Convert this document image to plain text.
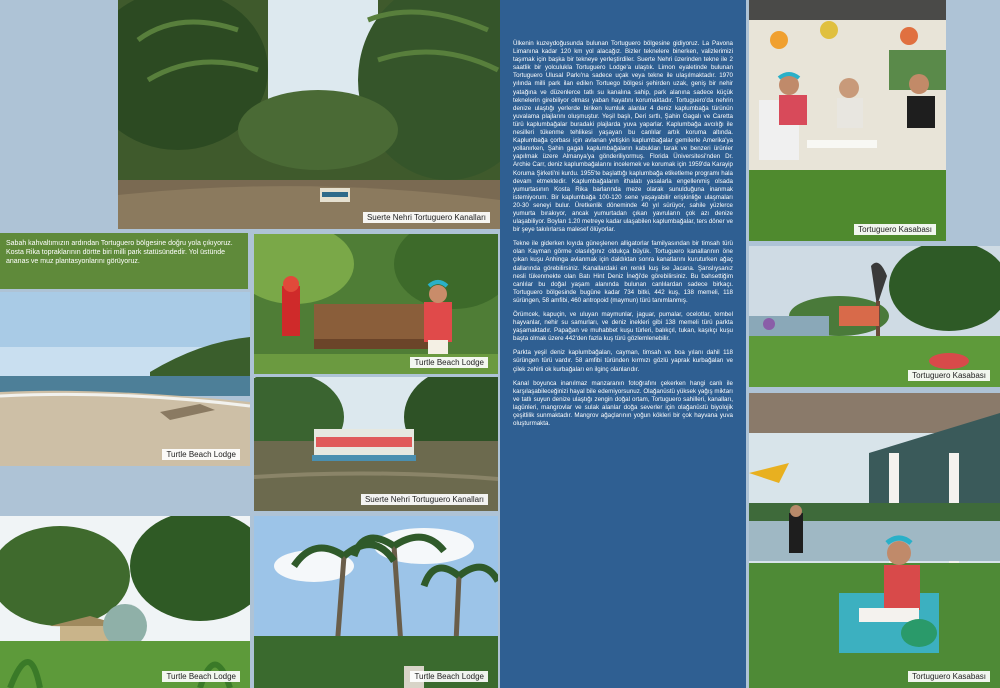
Suerte Nehri Tortuguero Kanalları
Sabah kahvaltımızın ardından Tortuguero bölgesine doğru yola çıkıyoruz. Kosta Rika topraklarının dörtte biri milli park statüsündedir. Yol üstünde ananas ve muz plantasyonlarını görüyoruz.
Turtle Beach Lodge
Turtle Beach Lodge
Turtle Beach Lodge
Suerte Nehri Tortuguero Kanalları
Turtle Beach Lodge

Ülkenin kuzeydoğusunda bulunan Tortuguero bölgesine gidiyoruz. La Pavona Limanına kadar 120 km yol alacağız. Bizler teknelere binerken, valizlerimizi taşımak için başka bir tekneye yerleştirdiler. Suerte Nehri üzerinden tekne ile 2 saatlik bir yolculukla Tortuguero Lodge'a ulaştık. Limon eyaletinde bulunan Tortuguero Ulusal Parkı'na sadece uçak veya tekne ile ulaşılmaktadır. 1970 yılında milli park ilan edilen Tortuego bölgesi şehirden uzak, geniş bir nehir yatağına ve düzenlerce tatlı su kanalına sahip, park alanına sadece küçük teknelerin girebiliyor olması yaban hayatını korumaktadır. Tortuguero'da nehrin denize ulaştığı yerlerde biriken kumluk alanlar 4 deniz kaplumbağa türünün yuvalama plajlarını oluşmuştur. Yeşil başlı, Deri sırtlı, Şahin Gagalı ve Caretta türü kaplumbağalar buradaki plajlarda yuva yaparlar. Kaplumbağa avcılığı ile nesilleri tükenme tehlikesi yaşayan bu canlılar artık koruma altında. Kaplumbağa çorbası için avlanan yetişkin kaplumbağalar gemilerle Amerika'ya yollanırken, Şahin gagalı kaplumbağaların kabukları tarak ve benzeri ürünler yapılmak üzere Almanya'ya gönderiliyormuş. Florida Üniversitesi'nden Dr. Archie Carr, deniz kaplumbağalarını incelemek ve korumak için 1959'da Karayip Koruma Şirketi'ni kurdu. 1955'te başlattığı kaplumbağa etiketleme programı hala devam etmektedir. Kaplumbağaların ithalatı yasalarla engellenmiş olsada yumurtasının Kosta Rika barlarında meze olarak sunulduğuna inanmak istemiyorum. Bir kaplumbağa 100-120 sene yaşayabilir erişkinliğe ulaşmaları 20-30 seneyi bulur. Üretkenlik döneminde 40 yıl sürüyor, sahile yüzlerce yumurta bırakıyor, ancak yumurtadan çıkan yavruların çok azı denize ulaşabiliyor. Boyları 1.20 metreye kadar ulaşabilen kaplumbağalar, ters döner ve bir şeye takılırlarsa malesef ölüyorlar.

Tekne ile giderken kıyıda güneşlenen alligatorlar familyasından bir timsah türü olan Kayman görme olasılığınız oldukça büyük. Tortuguero kanallarının öne çıkan kuşu Anhinga avlanmak için daldıktan sonra kanatlarını kuruturken ağaç dallarında görebilirsiniz. Kanallardaki en renkli kuş ise Jacana. Şanslıysanız nesli tükenmekte olan Batı Hint Deniz İneği'de görebilirsiniz. Bu bahsettiğim canlılar bu doğal yaşam alanında bulunan canlılardan sadece birkaçı. Tortuguero bölgesinde bugüne kadar 734 bitki, 442 kuş, 138 memeli, 118 sürüngen, 58 amfibi, 460 antropoid (maymun) türü tanımlanmış.

Örümcek, kapuçin, ve uluyan maymunlar, jaguar, pumalar, ocelotlar, tembel hayvanlar, nehir su samurları, ve deniz inekleri gibi 138 memeli türü parkta yaşamaktadır. Papağan ve muhabbet kuşu türleri, balıkçıl, tukan, kaşıkçı kuşu başta olmak üzere 442'den fazla kuş türü gözlemlenebilir.

Parkta yeşil deniz kaplumbağaları, cayman, timsah ve boa yılanı dahil 118 sürüngen türü vardır. 58 amfibi türünden kırmızı gözlü yaprak kurbağaları ve çilek zehirli ok kurbağaları en ilginç olanlarıdır.

Kanal boyunca inanılmaz manzaranın fotoğrafını çekerken hangi canlı ile karşılaşabileceğinizi hayal bile edemiyorsunuz. Olağanüstü yüksek yağış miktarı ve tatlı suyun denize ulaştığı zengin doğal ortam, Tortuguero sahilleri, kanalları, lagünleri, mangrovlar ve sulak alanlar doğa severler için olağanüstü biyolojik çeşitlilik sunmaktadır. Mangrov ağaçlarının yoğun kökleri bir çok hayvana yuva oluşturmakta.

Tortuguero Kasabası
Tortuguero Kasabası
Tortuguero Kasabası
